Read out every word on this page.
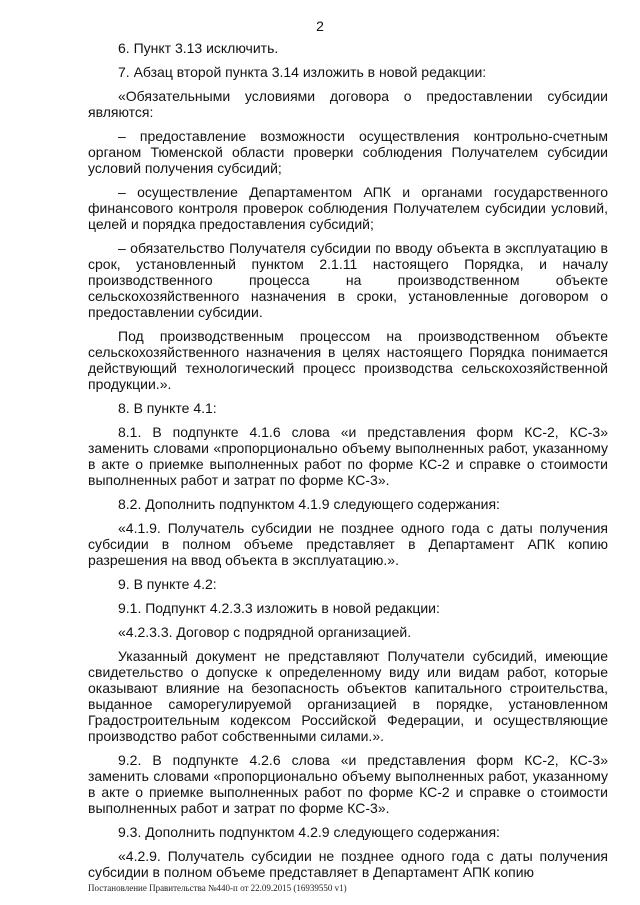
2

6. Пункт 3.13 исключить.

7. Абзац второй пункта 3.14 изложить в новой редакции:

«Обязательными условиями договора о предоставлении субсидии являются:

– предоставление возможности осуществления контрольно-счетным органом Тюменской области проверки соблюдения Получателем субсидии условий получения субсидий;

– осуществление Департаментом АПК и органами государственного финансового контроля проверок соблюдения Получателем субсидии условий, целей и порядка предоставления субсидий;

– обязательство Получателя субсидии по вводу объекта в эксплуатацию в срок, установленный пунктом 2.1.11 настоящего Порядка, и началу производственного процесса на производственном объекте сельскохозяйственного назначения в сроки, установленные договором о предоставлении субсидии.

Под производственным процессом на производственном объекте сельскохозяйственного назначения в целях настоящего Порядка понимается действующий технологический процесс производства сельскохозяйственной продукции.».

8. В пункте 4.1:

8.1. В подпункте 4.1.6 слова «и представления форм КС-2, КС-3» заменить словами «пропорционально объему выполненных работ, указанному в акте о приемке выполненных работ по форме КС-2 и справке о стоимости выполненных работ и затрат по форме КС-3».

8.2. Дополнить подпунктом 4.1.9 следующего содержания:

«4.1.9. Получатель субсидии не позднее одного года с даты получения субсидии в полном объеме представляет в Департамент АПК копию разрешения на ввод объекта в эксплуатацию.».

9. В пункте 4.2:

9.1. Подпункт 4.2.3.3 изложить в новой редакции:

«4.2.3.3. Договор с подрядной организацией.

Указанный документ не представляют Получатели субсидий, имеющие свидетельство о допуске к определенному виду или видам работ, которые оказывают влияние на безопасность объектов капитального строительства, выданное саморегулируемой организацией в порядке, установленном Градостроительным кодексом Российской Федерации, и осуществляющие производство работ собственными силами.».

9.2. В подпункте 4.2.6 слова «и представления форм КС-2, КС-3» заменить словами «пропорционально объему выполненных работ, указанному в акте о приемке выполненных работ по форме КС-2 и справке о стоимости выполненных работ и затрат по форме КС-3».

9.3. Дополнить подпунктом 4.2.9 следующего содержания:

«4.2.9. Получатель субсидии не позднее одного года с даты получения субсидии в полном объеме представляет в Департамент АПК копию

Постановление Правительства №440-п от 22.09.2015 (16939550 v1)
